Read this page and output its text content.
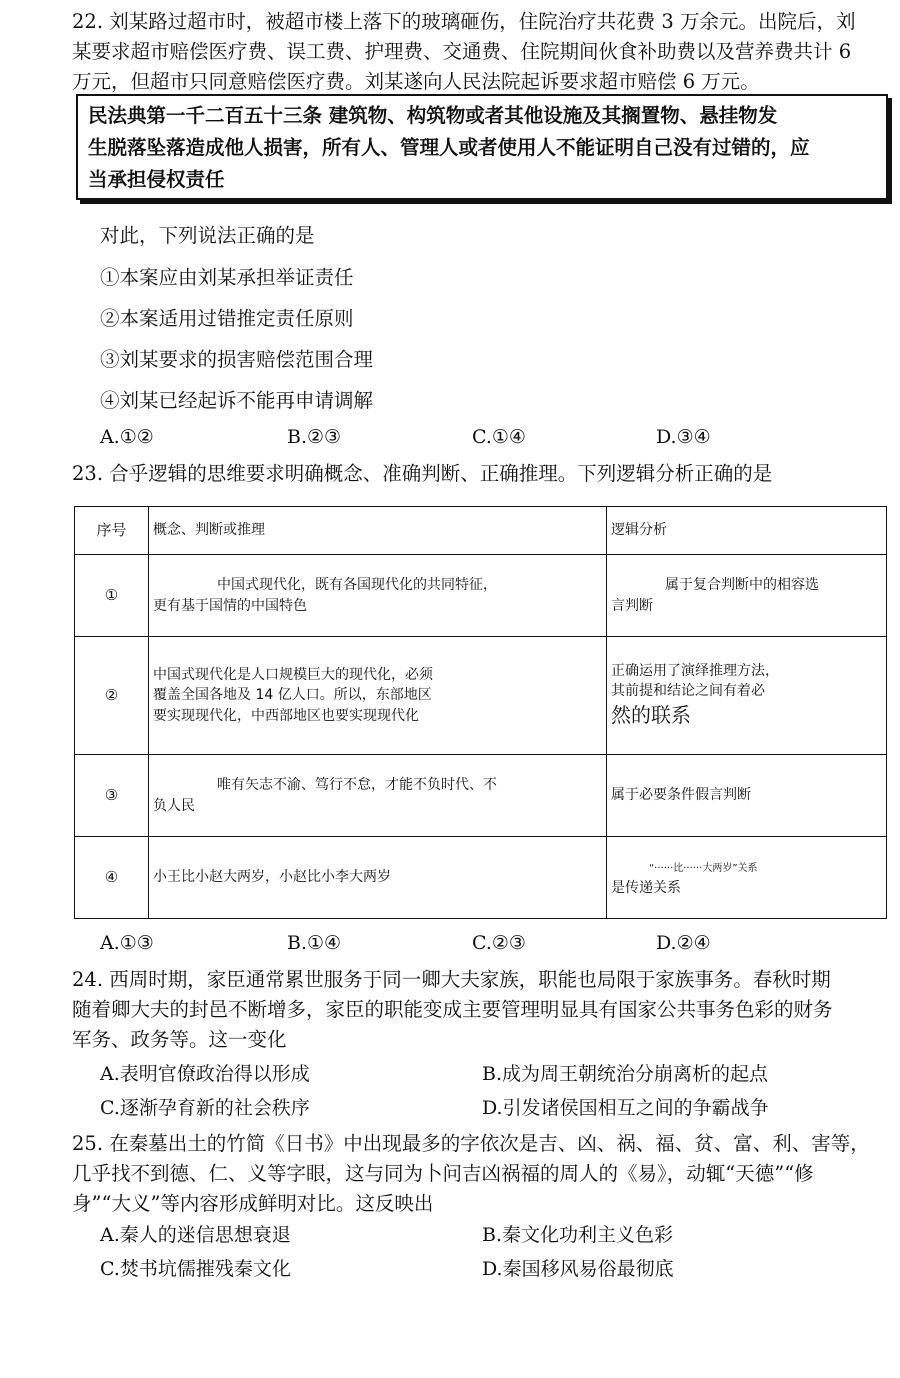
22. 刘某路过超市时，被超市楼上落下的玻璃砸伤，住院治疗共花费 3 万余元。出院后，刘
某要求超市赔偿医疗费、误工费、护理费、交通费、住院期间伙食补助费以及营养费共计 6
万元，但超市只同意赔偿医疗费。刘某遂向人民法院起诉要求超市赔偿 6 万元。
民法典第一千二百五十三条 建筑物、构筑物或者其他设施及其搁置物、悬挂物发
生脱落坠落造成他人损害，所有人、管理人或者使用人不能证明自己没有过错的，应
当承担侵权责任
对此，下列说法正确的是
①本案应由刘某承担举证责任
②本案适用过错推定责任原则
③刘某要求的损害赔偿范围合理
④刘某已经起诉不能再申请调解
A.①②	B.②③	C.①④	D.③④
23. 合乎逻辑的思维要求明确概念、准确判断、正确推理。下列逻辑分析正确的是
序号	概念、判断或推理	逻辑分析
①	中国式现代化，既有各国现代化的共同特征，
更有基于国情的中国特色	属于复合判断中的相容选
言判断
②	中国式现代化是人口规模巨大的现代化，必须
覆盖全国各地及 14 亿人口。所以，东部地区
要实现现代化，中西部地区也要实现现代化	正确运用了演绎推理方法，
其前提和结论之间有着必
然的联系
③	唯有矢志不渝、笃行不怠，才能不负时代、不
负人民	属于必要条件假言判断
④	小王比小赵大两岁，小赵比小李大两岁	“······比······大两岁”关系
是传递关系
A.①③	B.①④	C.②③	D.②④
24. 西周时期，家臣通常累世服务于同一卿大夫家族，职能也局限于家族事务。春秋时期
随着卿大夫的封邑不断增多，家臣的职能变成主要管理明显具有国家公共事务色彩的财务
军务、政务等。这一变化
A.表明官僚政治得以形成	B.成为周王朝统治分崩离析的起点
C.逐渐孕育新的社会秩序	D.引发诸侯国相互之间的争霸战争
25. 在秦墓出土的竹简《日书》中出现最多的字依次是吉、凶、祸、福、贫、富、利、害等，
几乎找不到德、仁、义等字眼，这与同为卜问吉凶祸福的周人的《易》，动辄“天德”“修
身”“大义”等内容形成鲜明对比。这反映出
A.秦人的迷信思想衰退	B.秦文化功利主义色彩
C.焚书坑儒摧残秦文化	D.秦国移风易俗最彻底
